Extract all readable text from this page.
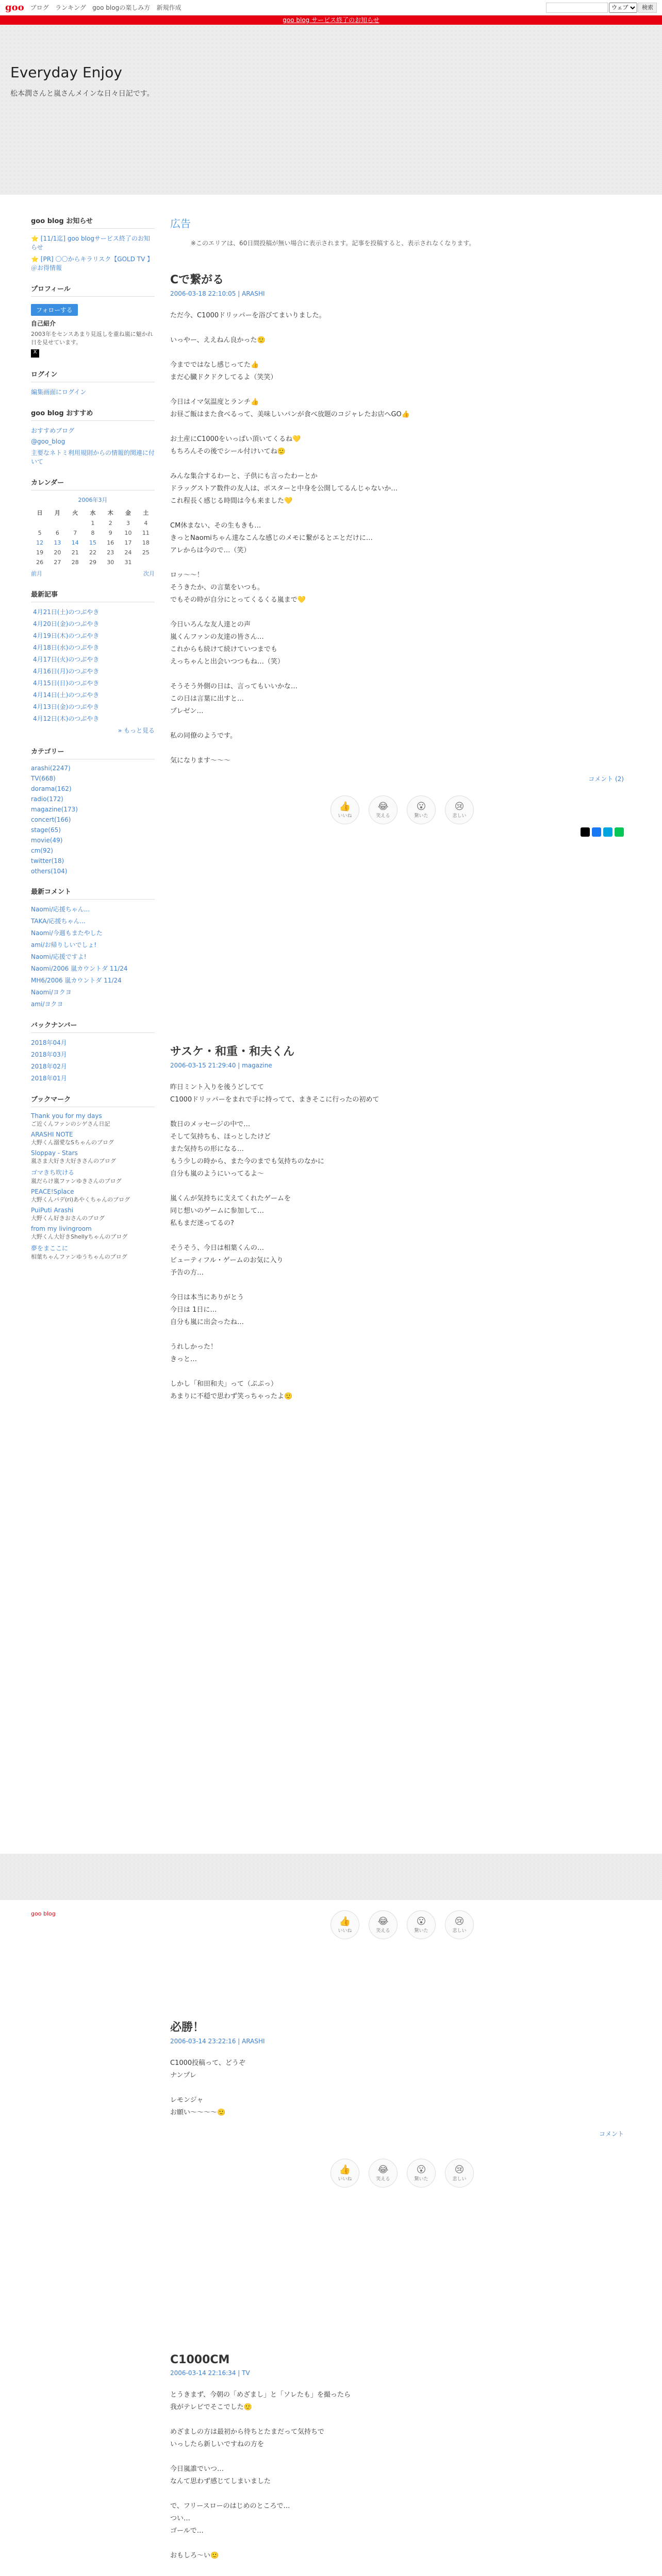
goo ブログ ランキング goo blogの楽しみ方 新規作成
ウェブ	検索
goo blog サービス終了のお知らせ
Everyday Enjoy

松本潤さんと嵐さんメインな日々日記です。

goo blog お知らせ
⭐ [11/1迄] goo blogサービス終了のお知らせ
⭐ [PR] 〇〇からキラリスク【GOLD TV 】＠お得情報
プロフィール
フォローする
自己紹介
2003年をセンスあまり見返しを重ね嵐に魅かれ日を見せています。
X
ログイン
編集画面にログイン
goo blog おすすめ
おすすめブログ
@goo_blog
主要なネトミ利用規則からの情報的関連に付いて
カレンダー
2006年3月
日	月	火	水	木	金	土
			1	2	3	4
5	6	7	8	9	10	11
12	13	14	15	16	17	18
19	20	21	22	23	24	25
26	27	28	29	30	31	
前月	次月
最新記事
4月21日(土)のつぶやき
4月20日(金)のつぶやき
4月19日(木)のつぶやき
4月18日(水)のつぶやき
4月17日(火)のつぶやき
4月16日(月)のつぶやき
4月15日(日)のつぶやき
4月14日(土)のつぶやき
4月13日(金)のつぶやき
4月12日(木)のつぶやき
» もっと見る
カテゴリー
arashi(2247)
TV(668)
dorama(162)
radio(172)
magazine(173)
concert(166)
stage(65)
movie(49)
cm(92)
twitter(18)
others(104)
最新コメント
Naomi/応援ちゃん...
TAKA/応援ちゃん...
Naomi/今週もまたやした
ami/お帰りしいでしょ!
Naomi/応援ですよ!
Naomi/2006 嵐カウントダ 11/24
MH6/2006 嵐カウントダ 11/24
Naomi/ヨクヨ
ami/ヨクヨ
バックナンバー
2018年04月
2018年03月
2018年02月
2018年01月
ブックマーク
Thank you for my days
ご近くんファンのシゲさん日記
ARASHI NOTE
大野くん溺愛なSちゃんのブログ
Sloppay - Stars
嵐さま大好き大好きさんのブログ
ゴマきち吹ける
嵐だらけ嵐ファンゆきさんのブログ
PEACE!Splace
大野くんバデ(ri)あやくちゃんのブログ
PuiPuti Arashi
大野くん好きおさんのブログ
from my livingroom
大野くん大好きShellyちゃんのブログ
夢をまここに
相葉ちゃんファンゆうちゃんのブログ
広告
※このエリアは、60日間投稿が無い場合に表示されます。記事を投稿すると、表示されなくなります。
Cで繋がる
2006-03-18 22:10:05 | ARASHI
ただ今、C1000ドリッパーを浴びてまいりました。

いっやー、ええねん良かった🙂

今までではなし感じってた👍
まだ心臓ドクドクしてるよ（笑笑）

今日はイマ気温度とランチ👍
お昼ご飯はまた食べるって、美味しいパンが食べ放題のコジャレたお店へGO👍

お土産にC1000をいっぱい頂いてくるね💛
もちろんその後でシール付けいてね🙂

みんな集合するわーと、子供にも言ったわーとか
ドラッグストア数件の友人は、ポスターと中身を公開してるんじゃないか…
これ程長く感じる時間は今も来ました💛

CM休まない、その生もきも…
きっとNaomiちゃん達なこんな感じのメモに繋がるとエとだけに…
アレからは今ので…（笑）

ロッ～～！
そうきたか、の言葉をいつも。
でもその時が自分にとってくるくる嵐まで💛

今日いろんな友人達との声
嵐くんファンの友達の皆さん…
これからも続けて続けていつまでも
えっちゃんと出会いつつもね…（笑）

そうそう外側の日は、言ってもいいかな…
この日は言葉に出すと…
プレゼン…

私の同僚のようです。

気になります〜〜〜
コメント (2)
👍
いいね
😂
笑える
😮
驚いた
😢
悲しい
サスケ・和重・和夫くん
2006-03-15 21:29:40 | magazine
昨日ミント入りを後うどしてて
C1000ドリッパーをまれで手に持ってて、まきそこに行ったの初めて

数日のメッセージの中で…
そして気持ちも、ほっとしたけど
また気持ちの形になる…
もう少しの時から、また今のまでも気持ちのなかに
自分も嵐のようにいってるよ〜

嵐くんが気持ちに支えてくれたゲームを
同じ想いのゲームに参加して…
私もまだ迷ってるの?

そうそう、今日は相葉くんの…
ビューティフル・ゲームのお気に入り
予告の方…

今日は本当にありがとう
今日は 1日に…
自分も嵐に出会ったね…

うれしかった！
きっと…

しかし「和田和夫」って（ぷぷっ）
あまりに不穏で思わず笑っちゃったよ🙂
goo blog
👍
いいね
😂
笑える
😮
驚いた
😢
悲しい
必勝！
2006-03-14 23:22:16 | ARASHI
C1000投稿って、どうぞ
ナンプレ

レモンジャ
お願い〜〜〜〜🙂
コメント
👍
いいね
😂
笑える
😮
驚いた
😢
悲しい
C1000CM
2006-03-14 22:16:34 | TV
とうきまず、今朝の「めざまし」と「ソレたも」を撮ったら
我がテレビでそこでした🙂

めざましの方は最初から待ちとたまだって気持ちで
いっしたら新しいですねの方を

今日嵐誰でいつ…
なんて思わず感じてしまいました

で、フリースローのはじめのところで…
つい…
ゴールで…

おもしろ〜い🙂
